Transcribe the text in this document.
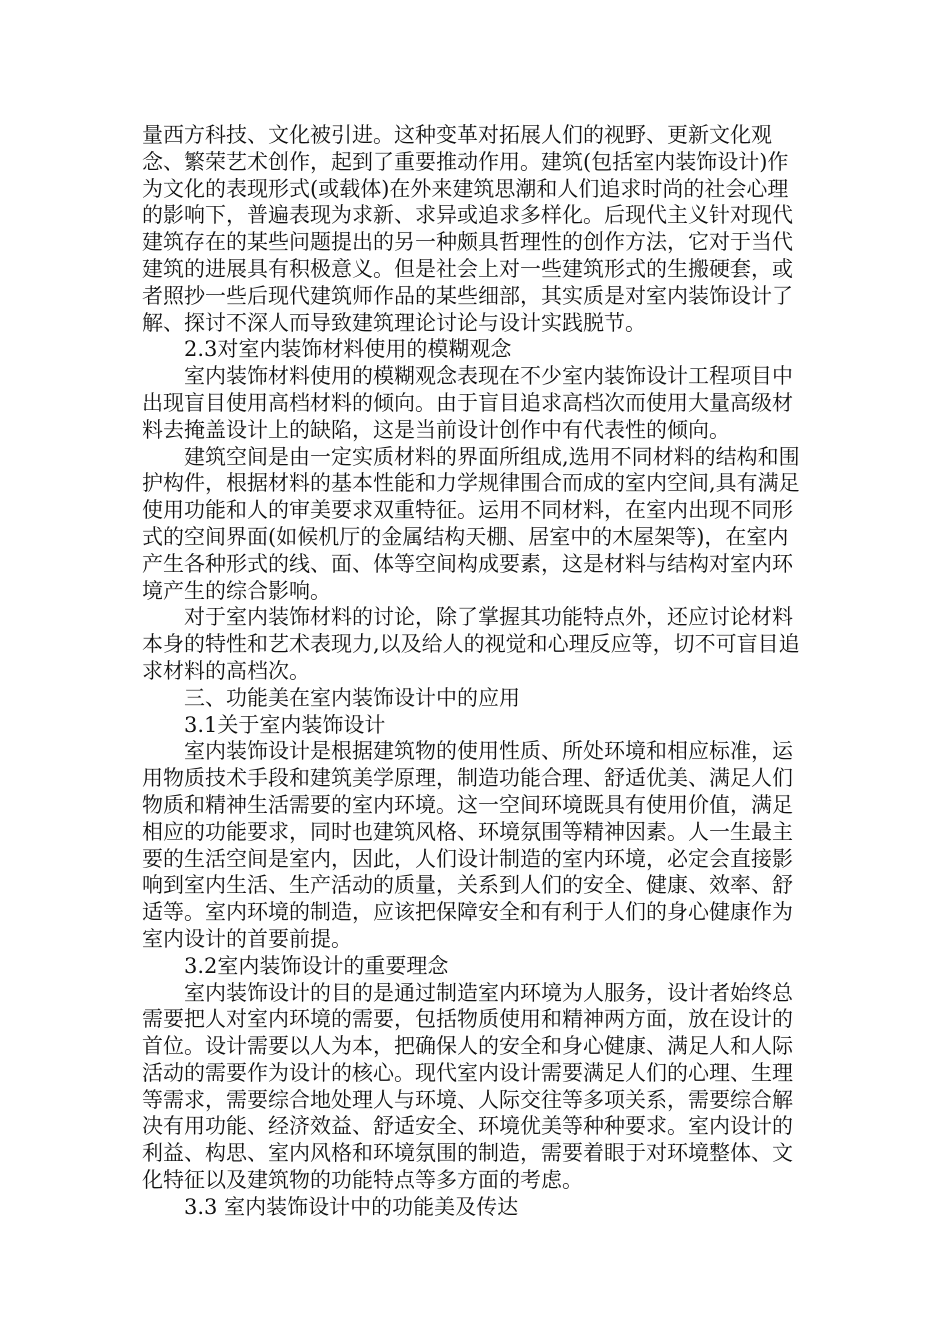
量西方科技、文化被引进。这种变革对拓展人们的视野、更新文化观念、繁荣艺术创作，起到了重要推动作用。建筑(包括室内装饰设计)作为文化的表现形式(或载体)在外来建筑思潮和人们追求时尚的社会心理的影响下，普遍表现为求新、求异或追求多样化。后现代主义针对现代建筑存在的某些问题提出的另一种颇具哲理性的创作方法，它对于当代建筑的进展具有积极意义。但是社会上对一些建筑形式的生搬硬套，或者照抄一些后现代建筑师作品的某些细部，其实质是对室内装饰设计了解、探讨不深人而导致建筑理论讨论与设计实践脱节。

2.3对室内装饰材料使用的模糊观念

室内装饰材料使用的模糊观念表现在不少室内装饰设计工程项目中出现盲目使用高档材料的倾向。由于盲目追求高档次而使用大量高级材料去掩盖设计上的缺陷，这是当前设计创作中有代表性的倾向。

建筑空间是由一定实质材料的界面所组成,选用不同材料的结构和围护构件，根据材料的基本性能和力学规律围合而成的室内空间,具有满足使用功能和人的审美要求双重特征。运用不同材料，在室内出现不同形式的空间界面(如候机厅的金属结构天棚、居室中的木屋架等)，在室内产生各种形式的线、面、体等空间构成要素，这是材料与结构对室内环境产生的综合影响。

对于室内装饰材料的讨论，除了掌握其功能特点外，还应讨论材料本身的特性和艺术表现力,以及给人的视觉和心理反应等，切不可盲目追求材料的高档次。

三、功能美在室内装饰设计中的应用

3.1关于室内装饰设计

室内装饰设计是根据建筑物的使用性质、所处环境和相应标准，运用物质技术手段和建筑美学原理，制造功能合理、舒适优美、满足人们物质和精神生活需要的室内环境。这一空间环境既具有使用价值，满足相应的功能要求，同时也建筑风格、环境氛围等精神因素。人一生最主要的生活空间是室内，因此，人们设计制造的室内环境，必定会直接影响到室内生活、生产活动的质量，关系到人们的安全、健康、效率、舒适等。室内环境的制造，应该把保障安全和有利于人们的身心健康作为室内设计的首要前提。

3.2室内装饰设计的重要理念

室内装饰设计的目的是通过制造室内环境为人服务，设计者始终总需要把人对室内环境的需要，包括物质使用和精神两方面，放在设计的首位。设计需要以人为本，把确保人的安全和身心健康、满足人和人际活动的需要作为设计的核心。现代室内设计需要满足人们的心理、生理等需求，需要综合地处理人与环境、人际交往等多项关系，需要综合解决有用功能、经济效益、舒适安全、环境优美等种种要求。室内设计的利益、构思、室内风格和环境氛围的制造，需要着眼于对环境整体、文化特征以及建筑物的功能特点等多方面的考虑。

3.3 室内装饰设计中的功能美及传达
